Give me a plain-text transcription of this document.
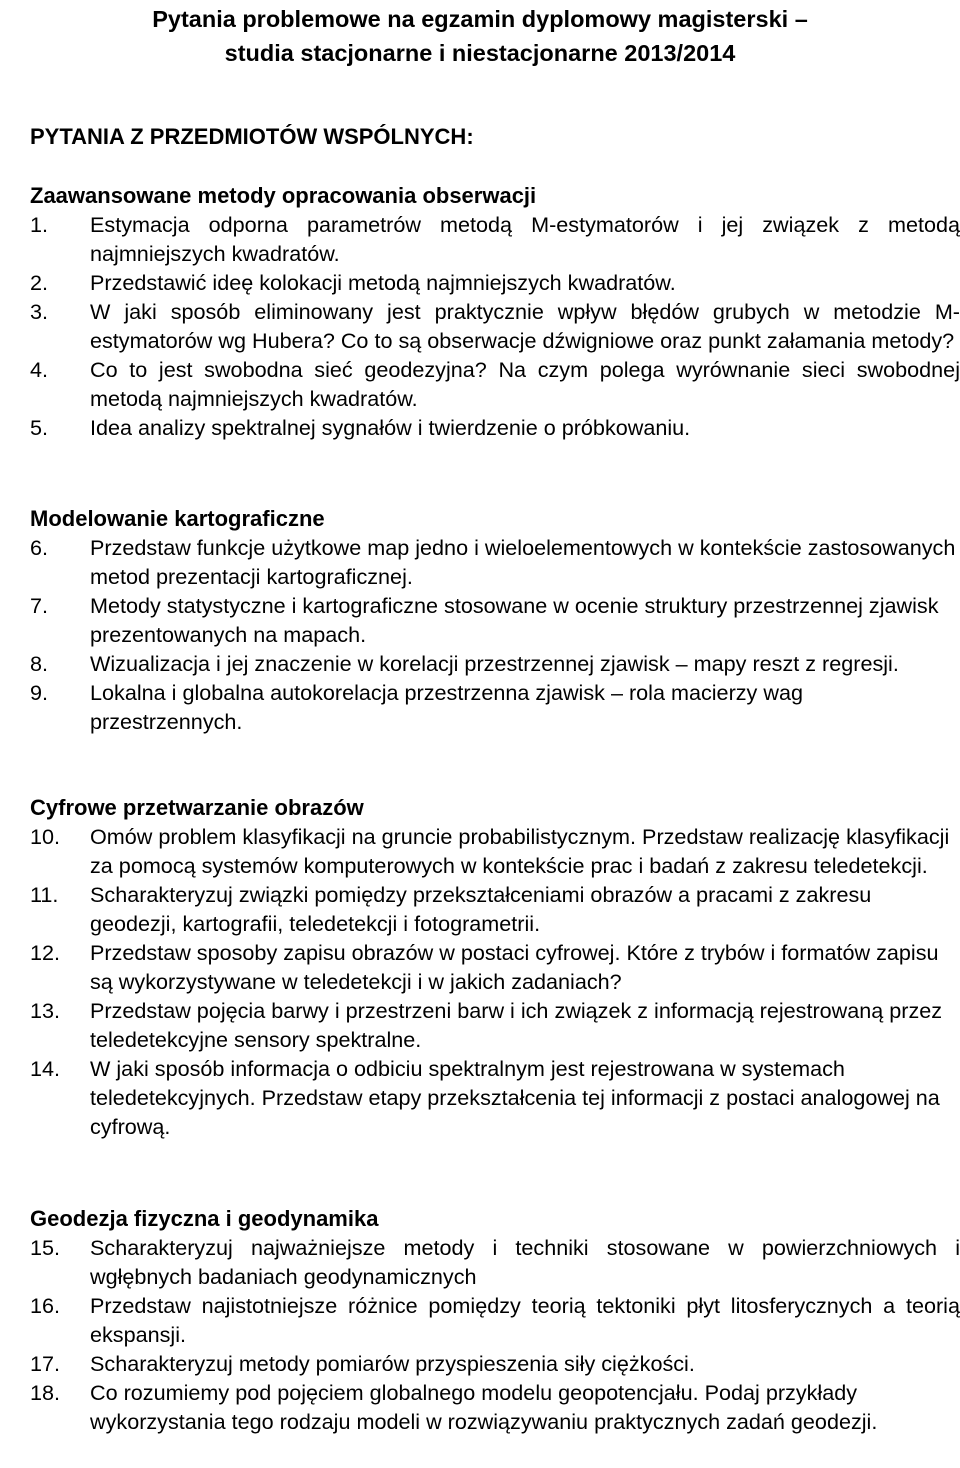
Pytania problemowe na egzamin dyplomowy magisterski –
studia stacjonarne i niestacjonarne 2013/2014
PYTANIA Z PRZEDMIOTÓW WSPÓLNYCH:
Zaawansowane metody opracowania obserwacji
1. Estymacja odporna parametrów metodą M-estymatorów i jej związek z metodą najmniejszych kwadratów.
2. Przedstawić ideę kolokacji metodą najmniejszych kwadratów.
3. W jaki sposób eliminowany jest praktycznie wpływ błędów grubych w metodzie M-estymatorów wg Hubera? Co to są obserwacje dźwigniowe oraz punkt załamania metody?
4. Co to jest swobodna sieć geodezyjna? Na czym polega wyrównanie sieci swobodnej metodą najmniejszych kwadratów.
5. Idea analizy spektralnej sygnałów i twierdzenie o próbkowaniu.
Modelowanie kartograficzne
6. Przedstaw funkcje użytkowe map jedno i wieloelementowych w kontekście zastosowanych metod prezentacji kartograficznej.
7. Metody statystyczne i kartograficzne stosowane w ocenie struktury przestrzennej zjawisk prezentowanych na mapach.
8. Wizualizacja i jej znaczenie w korelacji przestrzennej zjawisk – mapy reszt z regresji.
9. Lokalna i globalna autokorelacja przestrzenna zjawisk – rola macierzy wag przestrzennych.
Cyfrowe przetwarzanie obrazów
10. Omów problem klasyfikacji na gruncie probabilistycznym. Przedstaw realizację klasyfikacji za pomocą systemów komputerowych w kontekście prac i badań z zakresu teledetekcji.
11. Scharakteryzuj związki pomiędzy przekształceniami obrazów a pracami z zakresu geodezji, kartografii, teledetekcji i fotogrametrii.
12. Przedstaw sposoby zapisu obrazów w postaci cyfrowej. Które z trybów i formatów zapisu są wykorzystywane w teledetekcji i w jakich zadaniach?
13. Przedstaw pojęcia barwy i przestrzeni barw i ich związek z informacją rejestrowaną przez teledetekcyjne sensory spektralne.
14. W jaki sposób informacja o odbiciu spektralnym jest rejestrowana w systemach teledetekcyjnych. Przedstaw etapy przekształcenia tej informacji z postaci analogowej na cyfrową.
Geodezja fizyczna i geodynamika
15. Scharakteryzuj najważniejsze metody i techniki stosowane w powierzchniowych i wgłębnych badaniach geodynamicznych
16. Przedstaw najistotniejsze różnice pomiędzy teorią tektoniki płyt litosferycznych a teorią ekspansji.
17. Scharakteryzuj metody pomiarów przyspieszenia siły ciężkości.
18. Co rozumiemy pod pojęciem globalnego modelu geopotencjału. Podaj przykłady wykorzystania tego rodzaju modeli w rozwiązywaniu praktycznych zadań geodezji.
